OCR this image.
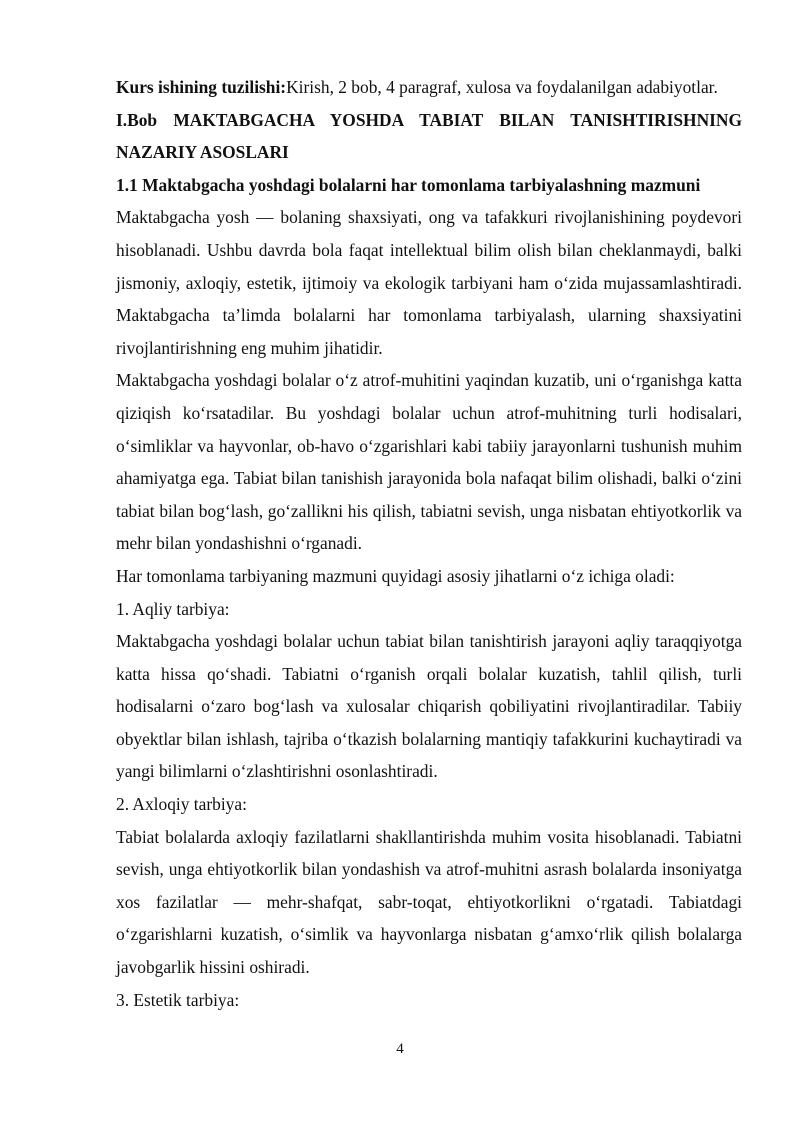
Kurs ishining tuzilishi:Kirish, 2 bob, 4 paragraf, xulosa va foydalanilgan adabiyotlar.

I.Bob MAKTABGACHA YOSHDA TABIAT BILAN TANISHTIRISHNING NAZARIY ASOSLARI

1.1 Maktabgacha yoshdagi bolalarni har tomonlama tarbiyalashning mazmuni

Maktabgacha yosh — bolaning shaxsiyati, ong va tafakkuri rivojlanishining poydevori hisoblanadi. Ushbu davrda bola faqat intellektual bilim olish bilan cheklanmaydi, balki jismoniy, axloqiy, estetik, ijtimoiy va ekologik tarbiyani ham oʻzida mujassamlashtiradi. Maktabgacha taʼlimda bolalarni har tomonlama tarbiyalash, ularning shaxsiyatini rivojlantirishning eng muhim jihatidir.

Maktabgacha yoshdagi bolalar oʻz atrof-muhitini yaqindan kuzatib, uni oʻrganishga katta qiziqish koʻrsatadilar. Bu yoshdagi bolalar uchun atrof-muhitning turli hodisalari, oʻsimliklar va hayvonlar, ob-havo oʻzgarishlari kabi tabiiy jarayonlarni tushunish muhim ahamiyatga ega. Tabiat bilan tanishish jarayonida bola nafaqat bilim olishadi, balki oʻzini tabiat bilan bogʻlash, goʻzallikni his qilish, tabiatni sevish, unga nisbatan ehtiyotkorlik va mehr bilan yondashishni oʻrganadi.

Har tomonlama tarbiyaning mazmuni quyidagi asosiy jihatlarni oʻz ichiga oladi:

1. Aqliy tarbiya:

Maktabgacha yoshdagi bolalar uchun tabiat bilan tanishtirish jarayoni aqliy taraqqiyotga katta hissa qoʻshadi. Tabiatni oʻrganish orqali bolalar kuzatish, tahlil qilish, turli hodisalarni oʻzaro bogʻlash va xulosalar chiqarish qobiliyatini rivojlantiradilar. Tabiiy obyektlar bilan ishlash, tajriba oʻtkazish bolalarning mantiqiy tafakkurini kuchaytiradi va yangi bilimlarni oʻzlashtirishni osonlashtiradi.

2. Axloqiy tarbiya:

Tabiat bolalarda axloqiy fazilatlarni shakllantirishda muhim vosita hisoblanadi. Tabiatni sevish, unga ehtiyotkorlik bilan yondashish va atrof-muhitni asrash bolalarda insoniyatga xos fazilatlar — mehr-shafqat, sabr-toqat, ehtiyotkorlikni oʻrgatadi. Tabiatdagi oʻzgarishlarni kuzatish, oʻsimlik va hayvonlarga nisbatan gʻamxoʻrlik qilish bolalarga javobgarlik hissini oshiradi.

3. Estetik tarbiya:

4
